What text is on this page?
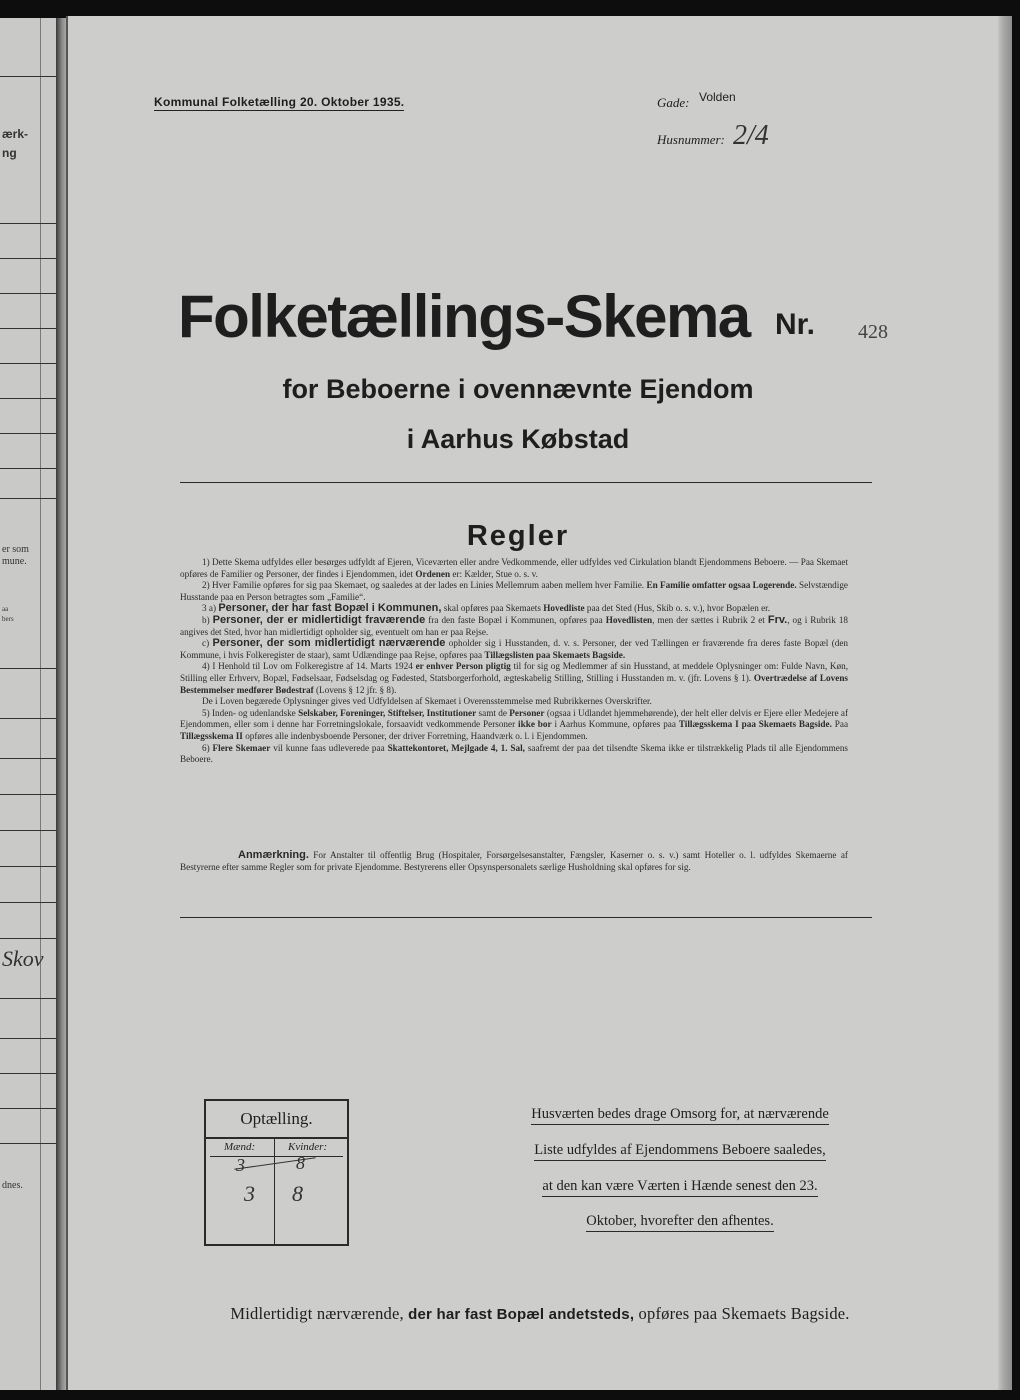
ærk-
ng
er som
mune.
aa
bers
Skov
dnes.
Kommunal Folketælling 20. Oktober 1935.	Gade: Volden
Husnummer: 2/4
Folketællings-Skema Nr. 428
for Beboerne i ovennævnte Ejendom
i Aarhus Købstad
Regler

1) Dette Skema udfyldes eller besørges udfyldt af Ejeren, Viceværten eller andre Vedkommende, eller udfyldes ved Cirkulation blandt Ejendommens Beboere. — Paa Skemaet opføres de Familier og Personer, der findes i Ejendommen, idet Ordenen er: Kælder, Stue o. s. v.

2) Hver Familie opføres for sig paa Skemaet, og saaledes at der lades en Linies Mellemrum aaben mellem hver Familie. En Familie omfatter ogsaa Logerende. Selvstændige Husstande paa en Person betragtes som „Familie“.

3 a) Personer, der har fast Bopæl i Kommunen, skal opføres paa Skemaets Hovedliste paa det Sted (Hus, Skib o. s. v.), hvor Bopælen er.

b) Personer, der er midlertidigt fraværende fra den faste Bopæl i Kommunen, opføres paa Hovedlisten, men der sættes i Rubrik 2 et Frv., og i Rubrik 18 angives det Sted, hvor han midlertidigt opholder sig, eventuelt om han er paa Rejse.

c) Personer, der som midlertidigt nærværende opholder sig i Husstanden, d. v. s. Personer, der ved Tællingen er fraværende fra deres faste Bopæl (den Kommune, i hvis Folkeregister de staar), samt Udlændinge paa Rejse, opføres paa Tillægslisten paa Skemaets Bagside.

4) I Henhold til Lov om Folkeregistre af 14. Marts 1924 er enhver Person pligtig til for sig og Medlemmer af sin Husstand, at meddele Oplysninger om: Fulde Navn, Køn, Stilling eller Erhverv, Bopæl, Fødselsaar, Fødselsdag og Fødested, Statsborgerforhold, ægteskabelig Stilling, Stilling i Husstanden m. v. (jfr. Lovens § 1). Overtrædelse af Lovens Bestemmelser medfører Bødestraf (Lovens § 12 jfr. § 8).

De i Loven begærede Oplysninger gives ved Udfyldelsen af Skemaet i Overensstemmelse med Rubrikkernes Overskrifter.

5) Inden- og udenlandske Selskaber, Foreninger, Stiftelser, Institutioner samt de Personer (ogsaa i Udlandet hjemmehørende), der helt eller delvis er Ejere eller Medejere af Ejendommen, eller som i denne har Forretningslokale, forsaavidt vedkommende Personer ikke bor i Aarhus Kommune, opføres paa Tillægsskema I paa Skemaets Bagside. Paa Tillægsskema II opføres alle indenbysboende Personer, der driver Forretning, Haandværk o. l. i Ejendommen.

6) Flere Skemaer vil kunne faas udleverede paa Skattekontoret, Mejlgade 4, 1. Sal, saafremt der paa det tilsendte Skema ikke er tilstrækkelig Plads til alle Ejendommens Beboere.

Anmærkning. For Anstalter til offentlig Brug (Hospitaler, Forsørgelsesanstalter, Fængsler, Kaserner o. s. v.) samt Hoteller o. l. udfyldes Skemaerne af Bestyrerne efter samme Regler som for private Ejendomme. Bestyrerens eller Opsynspersonalets særlige Husholdning skal opføres for sig.

Optælling.
Mænd:	Kvinder:
3	8
3 8
Husværten bedes drage Omsorg for, at nærværende
Liste udfyldes af Ejendommens Beboere saaledes,
at den kan være Værten i Hænde senest den 23.
Oktober, hvorefter den afhentes.
Midlertidigt nærværende, der har fast Bopæl andetsteds, opføres paa Skemaets Bagside.
